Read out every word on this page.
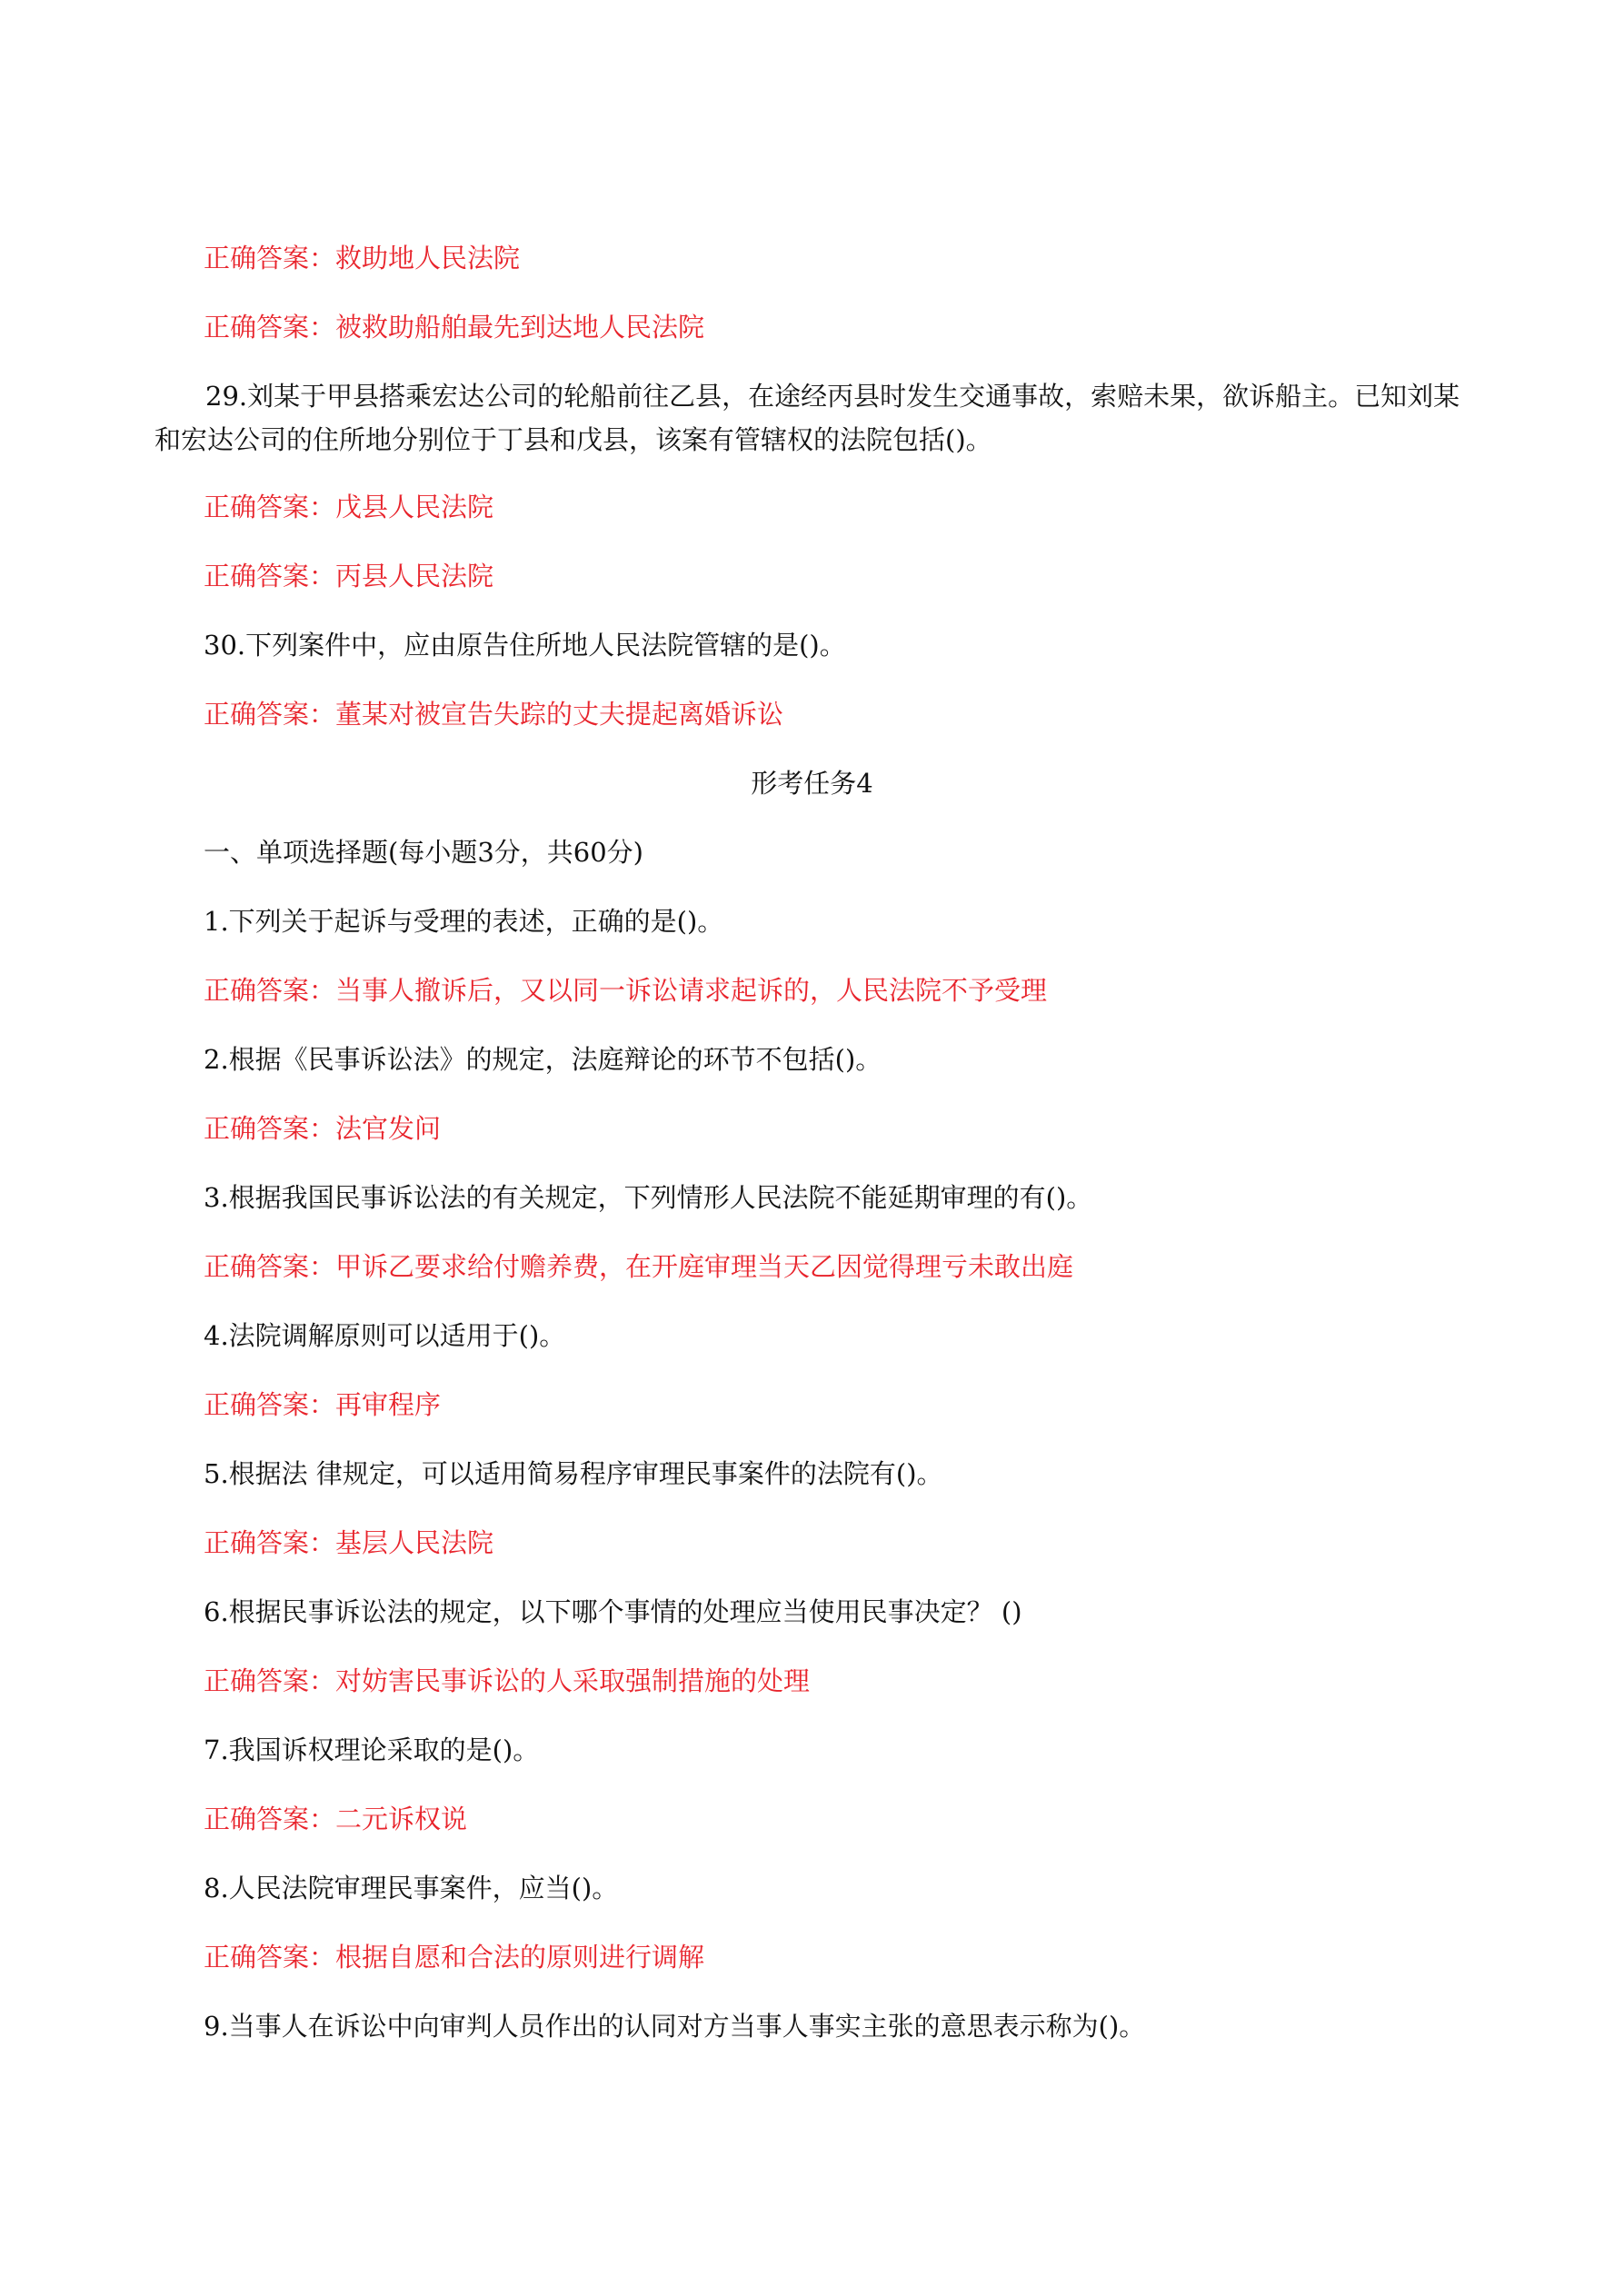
正确答案：救助地人民法院
正确答案：被救助船舶最先到达地人民法院
29.刘某于甲县搭乘宏达公司的轮船前往乙县，在途经丙县时发生交通事故，索赔未果，欲诉船主。已知刘某和宏达公司的住所地分别位于丁县和戊县，该案有管辖权的法院包括()。
正确答案：戊县人民法院
正确答案：丙县人民法院
30.下列案件中，应由原告住所地人民法院管辖的是()。
正确答案：董某对被宣告失踪的丈夫提起离婚诉讼
形考任务4
一、单项选择题(每小题3分，共60分)
1.下列关于起诉与受理的表述，正确的是()。
正确答案：当事人撤诉后，又以同一诉讼请求起诉的，人民法院不予受理
2.根据《民事诉讼法》的规定，法庭辩论的环节不包括()。
正确答案：法官发问
3.根据我国民事诉讼法的有关规定，下列情形人民法院不能延期审理的有()。
正确答案：甲诉乙要求给付赡养费，在开庭审理当天乙因觉得理亏未敢出庭
4.法院调解原则可以适用于()。
正确答案：再审程序
5.根据法 律规定，可以适用简易程序审理民事案件的法院有()。
正确答案：基层人民法院
6.根据民事诉讼法的规定，以下哪个事情的处理应当使用民事决定？ ()
正确答案：对妨害民事诉讼的人采取强制措施的处理
7.我国诉权理论采取的是()。
正确答案：二元诉权说
8.人民法院审理民事案件，应当()。
正确答案：根据自愿和合法的原则进行调解
9.当事人在诉讼中向审判人员作出的认同对方当事人事实主张的意思表示称为()。
